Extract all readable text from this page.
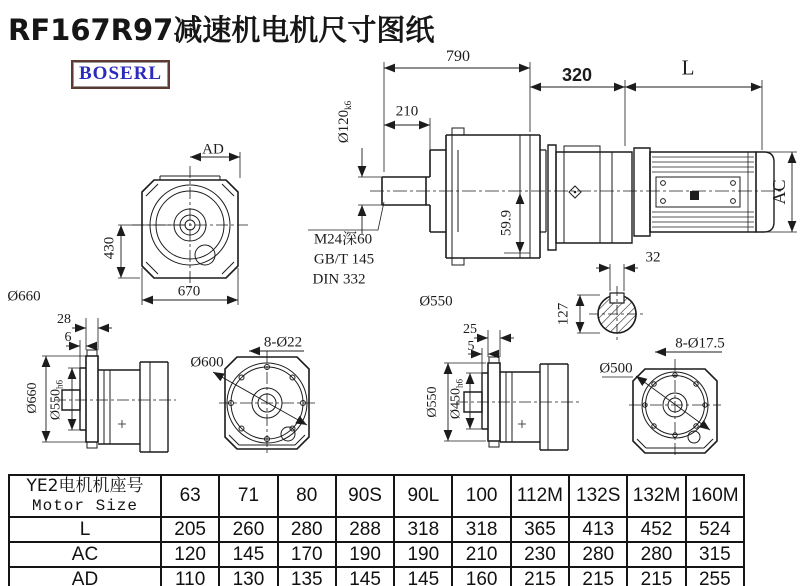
RF167R97减速机电机尺寸图纸
BOSERL
AD
430
670
Ø660
790
210
$Ø120_{k6}$
M24深60
GB/T 145
DIN 332
59.9
320	L
AC
32
127
Ø550
28
6
Ø660 $Ø550_{h6}$
8-Ø22
Ø600
25
5
Ø550 $Ø450_{h6}$
8-Ø17.5
Ø500
YE2电机机座号
Motor Size	63	71	80	90S	90L	100	112M	132S	132M	160M
L	205	260	280	288	318	318	365	413	452	524
AC	120	145	170	190	190	210	230	280	280	315
AD	110	130	135	145	145	160	215	215	215	255
